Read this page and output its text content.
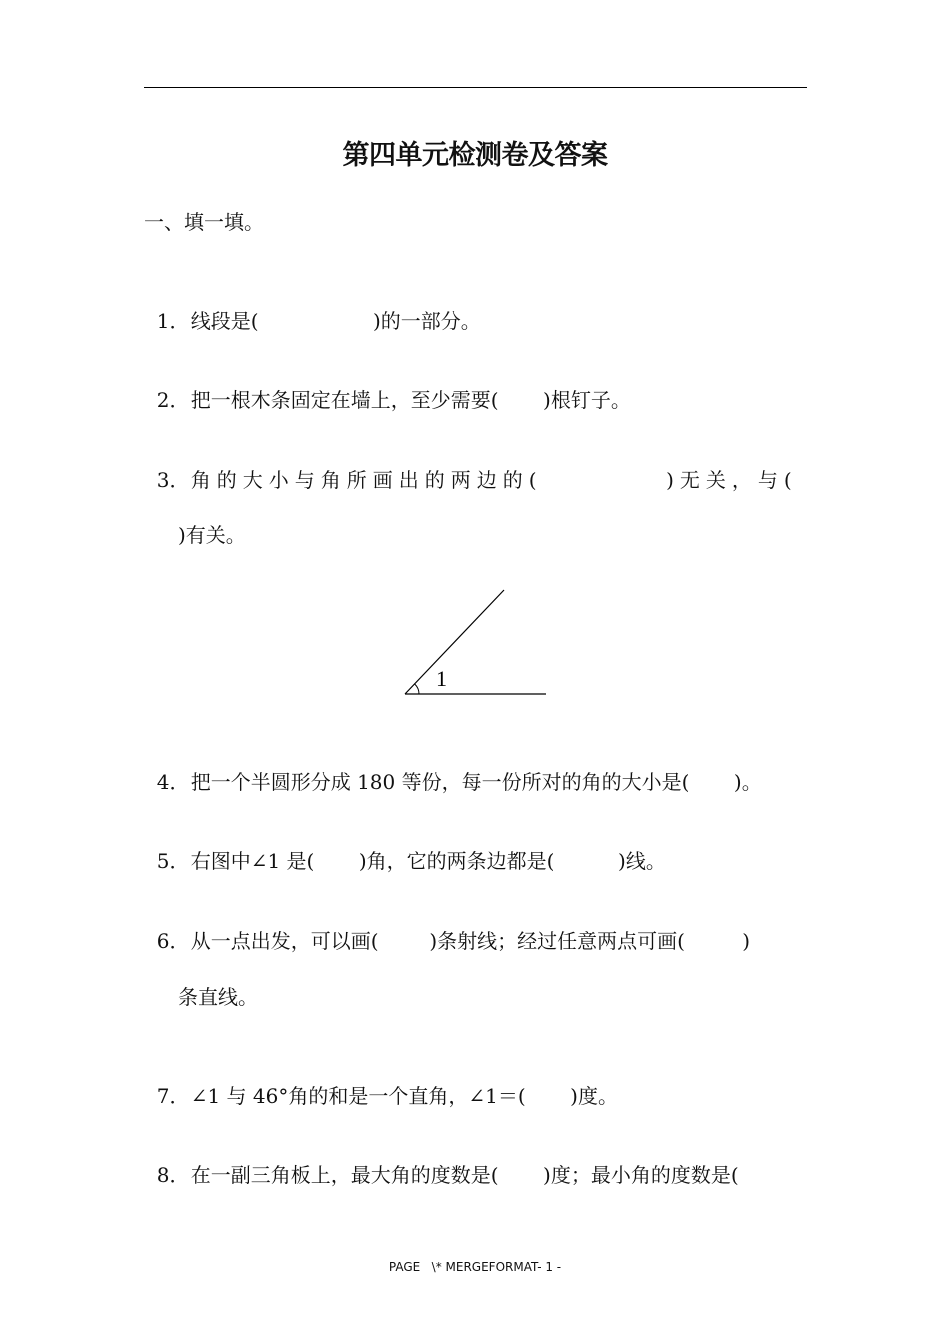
第四单元检测卷及答案
一、填一填。

1．线段是(                  )的一部分。

2．把一根木条固定在墙上，至少需要(       )根钉子。

3．角的大小与角所画出的两边的(          )无关，与(

)有关。
1

4．把一个半圆形分成 180 等份，每一份所对的角的大小是(       )。

5．右图中∠1 是(       )角，它的两条边都是(          )线。

6．从一点出发，可以画(        )条射线；经过任意两点可画(         )

条直线。

7．∠1 与 46°角的和是一个直角，∠1＝(       )度。

8．在一副三角板上，最大角的度数是(       )度；最小角的度数是(

PAGE   \* MERGEFORMAT- 1 -
